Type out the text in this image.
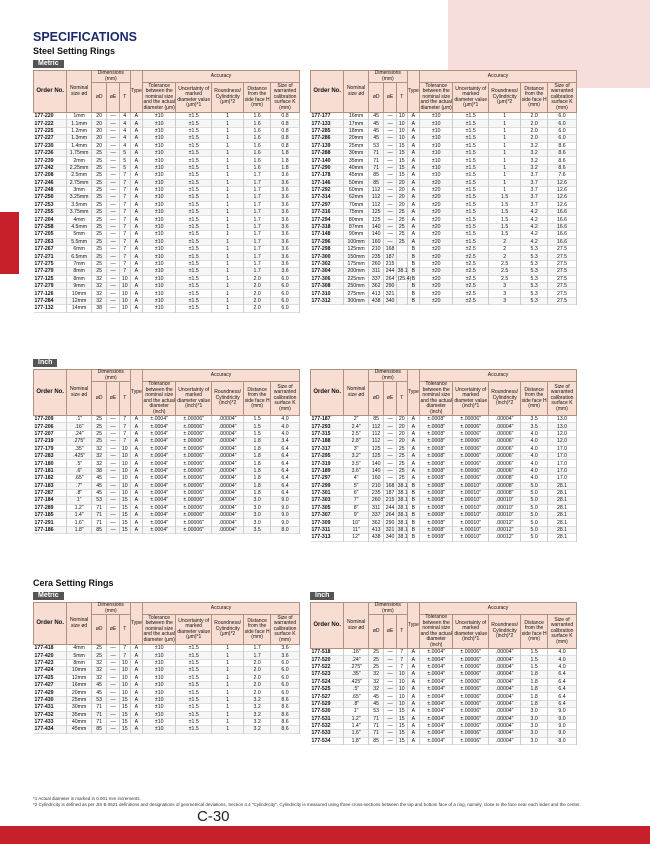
SPECIFICATIONS
Steel Setting Rings
Metric
Order No.	Nominal size ød	Dimensions (mm)			Type	Accuracy				
		øD	øE	T		Tolerance between the nominal size and the actual diameter (μm)	Uncertainty of marked diameter value (μm)*1	Roundness/ Cylindricity (μm)*2	Distance from the side face H (mm)	Size of warranted calibration surface K (mm)
177-220	1mm	20	—	4	A	±10	±1.5	1	1.6	0.8
177-222	1.1mm	20	—	4	A	±10	±1.5	1	1.6	0.8
177-225	1.2mm	20	—	4	A	±10	±1.5	1	1.6	0.8
177-227	1.3mm	20	—	4	A	±10	±1.5	1	1.6	0.8
177-230	1.4mm	20	—	4	A	±10	±1.5	1	1.6	0.8
177-236	1.75mm	25	—	5	A	±10	±1.5	1	1.6	1.8
177-239	2mm	25	—	5	A	±10	±1.5	1	1.6	1.8
177-242	2.25mm	25	—	5	A	±10	±1.5	1	1.6	1.8
177-208	2.5mm	25	—	7	A	±10	±1.5	1	1.7	3.6
177-246	2.75mm	25	—	7	A	±10	±1.5	1	1.7	3.6
177-248	3mm	25	—	7	A	±10	±1.5	1	1.7	3.6
177-250	3.25mm	25	—	7	A	±10	±1.5	1	1.7	3.6
177-253	3.5mm	25	—	7	A	±10	±1.5	1	1.7	3.6
177-255	3.75mm	25	—	7	A	±10	±1.5	1	1.7	3.6
177-204	4mm	25	—	7	A	±10	±1.5	1	1.7	3.6
177-258	4.5mm	25	—	7	A	±10	±1.5	1	1.7	3.6
177-205	5mm	25	—	7	A	±10	±1.5	1	1.7	3.6
177-263	5.5mm	25	—	7	A	±10	±1.5	1	1.7	3.6
177-267	6mm	25	—	7	A	±10	±1.5	1	1.7	3.6
177-271	6.5mm	25	—	7	A	±10	±1.5	1	1.7	3.6
177-275	7mm	25	—	7	A	±10	±1.5	1	1.7	3.6
177-279	8mm	25	—	7	A	±10	±1.5	1	1.7	3.6
177-125	8mm	32	—	10	A	±10	±1.5	1	2.0	6.0
177-279	9mm	32	—	10	A	±10	±1.5	1	2.0	6.0
177-126	10mm	32	—	10	A	±10	±1.5	1	2.0	6.0
177-284	12mm	32	—	10	A	±10	±1.5	1	2.0	6.0
177-132	14mm	38	—	10	A	±10	±1.5	1	2.0	6.0
Order No.	Nominal size ød	Dimensions (mm)			Type	Accuracy				
		øD	øE	T		Tolerance between the nominal size and the actual diameter (μm)	Uncertainty of marked diameter value (μm)*1	Roundness/ Cylindricity (μm)*2	Distance from the side face H (mm)	Size of warranted calibration surface K (mm)
177-177	16mm	45	—	10	A	±10	±1.5	1	2.0	6.0
177-133	17mm	45	—	10	A	±10	±1.5	1	2.0	6.0
177-285	18mm	45	—	10	A	±10	±1.5	1	2.0	6.0
177-286	20mm	45	—	10	A	±10	±1.5	1	2.0	6.0
177-139	25mm	53	—	15	A	±10	±1.5	1	3.2	8.6
177-288	30mm	71	—	15	A	±10	±1.5	1	3.2	8.6
177-140	35mm	71	—	15	A	±10	±1.5	1	3.2	8.6
177-290	40mm	71	—	15	A	±10	±1.5	1	3.2	8.6
177-178	45mm	85	—	15	A	±10	±1.5	1	3.7	7.6
177-146	50mm	85	—	20	A	±20	±1.5	1	3.7	12.6
177-292	60mm	112	—	20	A	±20	±1.5	1	3.7	12.6
177-314	62mm	112	—	20	A	±20	±1.5	1.5	3.7	12.6
177-297	70mm	112	—	20	A	±20	±1.5	1.5	3.7	12.6
177-316	75mm	125	—	25	A	±20	±1.5	1.5	4.2	16.6
177-294	80mm	125	—	25	A	±20	±1.5	1.5	4.2	16.6
177-318	87mm	140	—	25	A	±20	±1.5	1.5	4.2	16.6
177-148	90mm	140	—	25	A	±20	±1.5	1.5	4.2	16.6
177-296	100mm	160	—	25	A	±20	±1.5	2	4.2	16.6
177-298	125mm	210	168		B	±20	±2.5	2	5.3	27.5
177-300	150mm	235	187		B	±20	±2.5	2	5.3	27.5
177-302	175mm	260	215		B	±20	±2.5	2.5	5.3	27.5
177-304	200mm	311	244	38.1	B	±20	±2.5	2.5	5.3	27.5
177-306	225mm	337	264	(25.4)	B	±20	±2.5	2.5	5.3	27.5
177-308	250mm	362	290		B	±20	±2.5	3	5.3	27.5
177-310	275mm	413	321		B	±20	±2.5	3	5.3	27.5
177-312	300mm	438	340		B	±20	±2.5	3	5.3	27.5
Inch
Order No.	Nominal size ød	Dimensions (mm)			Type	Accuracy				
		øD	øE	T		Tolerance between the nominal size and the actual diameter (inch)	Uncertainty of marked diameter value (inch)*1	Roundness/ Cylindricity (inch)*2	Distance from the side face H (mm)	Size of warranted calibration surface K (mm)
177-209	.1"	25	—	7	A	±.0004"	±.00006"	.00004"	1.5	4.0
177-206	.16"	25	—	7	A	±.0004"	±.00006"	.00004"	1.5	4.0
177-207	.24"	25	—	7	A	±.0004"	±.00006"	.00004"	1.5	4.0
177-219	.275"	25	—	7	A	±.0004"	±.00006"	.00004"	1.8	3.4
177-179	.35"	32	—	10	A	±.0004"	±.00006"	.00004"	1.8	6.4
177-283	.425"	32	—	10	A	±.0004"	±.00006"	.00004"	1.8	6.4
177-180	.5"	32	—	10	A	±.0004"	±.00006"	.00004"	1.8	6.4
177-181	.6"	38	—	10	A	±.0004"	±.00006"	.00004"	1.8	6.4
177-182	.65"	45	—	10	A	±.0004"	±.00006"	.00004"	1.8	6.4
177-183	.7"	45	—	10	A	±.0004"	±.00006"	.00004"	1.8	6.4
177-287	.8"	45	—	10	A	±.0004"	±.00006"	.00004"	1.8	6.4
177-184	1"	53	—	15	A	±.0004"	±.00006"	.00004"	3.0	9.0
177-289	1.2"	71	—	15	A	±.0004"	±.00006"	.00004"	3.0	9.0
177-185	1.4"	71	—	15	A	±.0004"	±.00006"	.00004"	3.0	9.0
177-291	1.6"	71	—	15	A	±.0004"	±.00006"	.00004"	3.0	9.0
177-186	1.8"	85	—	15	A	±.0004"	±.00006"	.00004"	3.5	8.0
Order No.	Nominal size ød	Dimensions (mm)			Type	Accuracy				
		øD	øE	T		Tolerance between the nominal size and the actual diameter (inch)	Uncertainty of marked diameter value (inch)*1	Roundness/ Cylindricity (inch)*2	Distance from the side face H (mm)	Size of warranted calibration surface K (mm)
177-187	2"	85	—	20	A	±.0008"	±.00006"	.00004"	3.5	13.0
177-293	2.4"	112	—	20	A	±.0008"	±.00006"	.00004"	3.5	13.0
177-315	2.5"	112	—	20	A	±.0008"	±.00006"	.00006"	4.0	12.0
177-188	2.8"	112	—	20	A	±.0008"	±.00006"	.00006"	4.0	12.0
177-317	3"	125	—	25	A	±.0008"	±.00006"	.00006"	4.0	17.0
177-295	3.2"	125	—	25	A	±.0008"	±.00006"	.00006"	4.0	17.0
177-319	3.5"	140	—	25	A	±.0008"	±.00006"	.00006"	4.0	17.0
177-189	3.6"	140	—	25	A	±.0008"	±.00006"	.00006"	4.0	17.0
177-297	4"	160	—	25	A	±.0008"	±.00006"	.00008"	4.0	17.0
177-299	5"	210	168	38.1	B	±.0008"	±.00010"	.00008"	5.0	28.1
177-301	6"	235	187	38.1	B	±.0008"	±.00010"	.00008"	5.0	28.1
177-303	7"	260	215	38.1	B	±.0008"	±.00010"	.00010"	5.0	28.1
177-305	8"	311	244	38.1	B	±.0008"	±.00010"	.00010"	5.0	28.1
177-307	9"	337	264	38.1	B	±.0008"	±.00010"	.00010"	5.0	28.1
177-309	10"	362	290	38.1	B	±.0008"	±.00010"	.00012"	5.0	28.1
177-311	11"	413	321	38.1	B	±.0008"	±.00010"	.00012"	5.0	28.1
177-313	12"	438	340	38.1	B	±.0008"	±.00010"	.00012"	5.0	28.1
Cera Setting Rings
Metric	Inch
Order No.	Nominal size ød	Dimensions (mm)			Type	Accuracy				
		øD	øE	T		Tolerance between the nominal size and the actual diameter (μm)	Uncertainty of marked diameter value (μm)*1	Roundness/ Cylindricity (μm)*2	Distance from the side face H (mm)	Size of warranted calibration surface K (mm)
177-418	4mm	25	—	7	A	±10	±1.5	1	1.7	3.6
177-420	5mm	25	—	7	A	±10	±1.5	1	1.7	3.6
177-423	8mm	32	—	10	A	±10	±1.5	1	2.0	6.0
177-424	10mm	32	—	10	A	±10	±1.5	1	2.0	6.0
177-425	12mm	32	—	10	A	±10	±1.5	1	2.0	6.0
177-427	16mm	45	—	10	A	±10	±1.5	1	2.0	6.0
177-429	20mm	45	—	10	A	±10	±1.5	1	2.0	6.0
177-430	25mm	53	—	15	A	±10	±1.5	1	3.2	8.6
177-431	30mm	71	—	15	A	±10	±1.5	1	3.2	8.6
177-432	35mm	71	—	15	A	±10	±1.5	1	3.2	8.6
177-433	40mm	71	—	15	A	±10	±1.5	1	3.2	8.6
177-434	45mm	85	—	15	A	±10	±1.5	1	3.2	8.6
Order No.	Nominal size ød	Dimensions (mm)			Type	Accuracy				
		øD	øE	T		Tolerance between the nominal size and the actual diameter (inch)	Uncertainty of marked diameter value (inch)*1	Roundness/ Cylindricity (inch)*2	Distance from the side face H (mm)	Size of warranted calibration surface K (mm)
177-518	.16"	25	—	7	A	±.0004"	±.00006"	.00004"	1.5	4.0
177-520	.24"	25	—	7	A	±.0004"	±.00006"	.00004"	1.5	4.0
177-522	.275"	25	—	7	A	±.0004"	±.00006"	.00004"	1.5	4.0
177-523	.35"	32	—	10	A	±.0004"	±.00006"	.00004"	1.8	6.4
177-524	.425"	32	—	10	A	±.0004"	±.00006"	.00004"	1.8	6.4
177-525	.5"	32	—	10	A	±.0004"	±.00006"	.00004"	1.8	6.4
177-527	.65"	45	—	10	A	±.0004"	±.00006"	.00004"	1.8	6.4
177-529	.8"	45	—	10	A	±.0004"	±.00006"	.00004"	1.8	6.4
177-530	1"	53	—	15	A	±.0004"	±.00006"	.00004"	3.0	9.0
177-531	1.2"	71	—	15	A	±.0004"	±.00006"	.00004"	3.0	9.0
177-532	1.4"	71	—	15	A	±.0004"	±.00006"	.00004"	3.0	9.0
177-533	1.6"	71	—	15	A	±.0004"	±.00006"	.00004"	3.0	9.0
177-534	1.8"	85	—	15	A	±.0004"	±.00006"	.00004"	3.0	8.0
*1 Actual diameter is marked in 0.001 mm increments.
*2 Cylindricity is defined as per JIS B 0621 definitions and designations of geometrical deviations, Section 4.4 "Cylindricity". Cylindricity is measured using three cross-sections between the top and bottom face of a ring, namely, close to the face near each sides and the center.
C-30
